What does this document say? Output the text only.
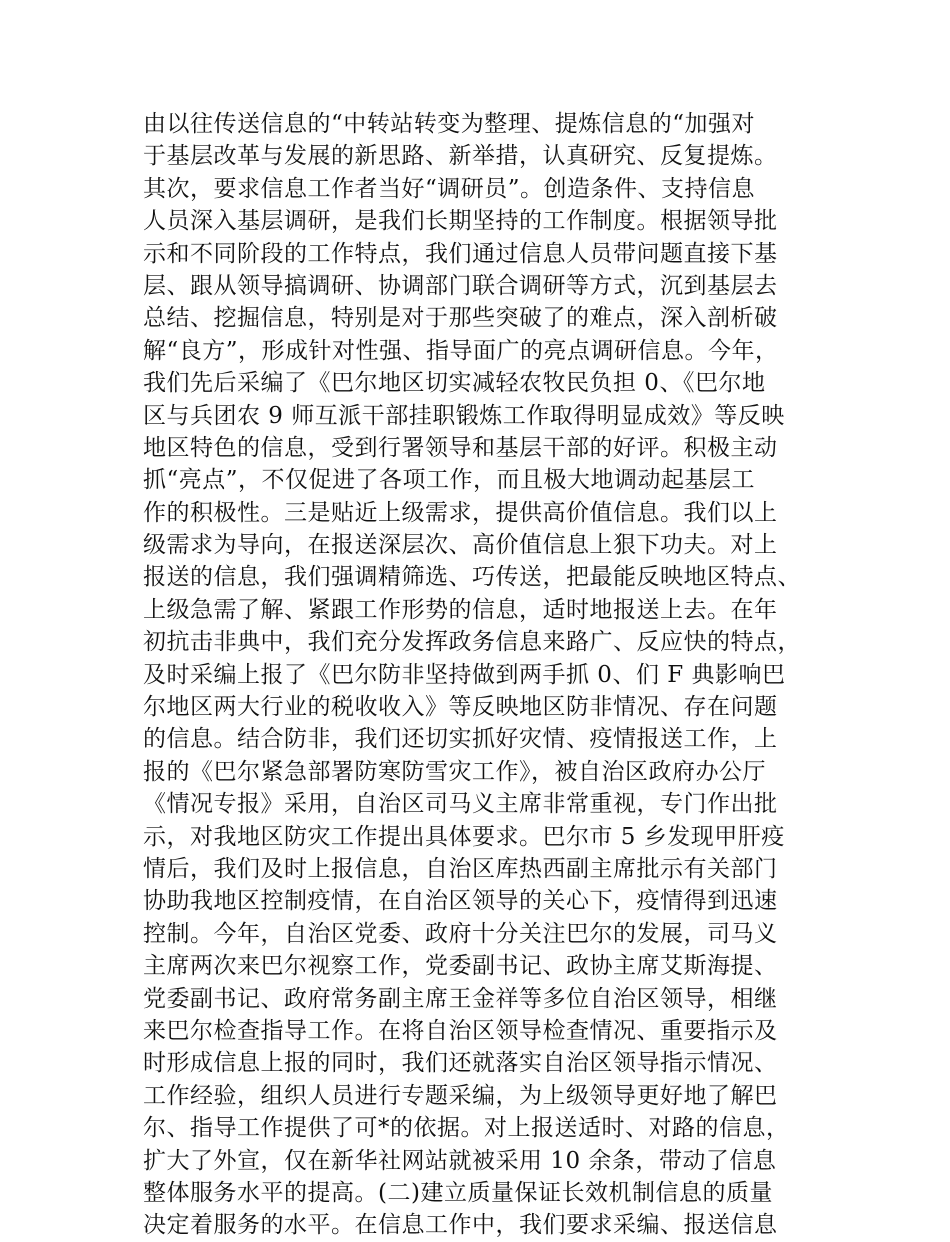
由以往传送信息的“中转站转变为整理、提炼信息的“加强对
于基层改革与发展的新思路、新举措，认真研究、反复提炼。
其次，要求信息工作者当好“调研员”。创造条件、支持信息
人员深入基层调研，是我们长期坚持的工作制度。根据领导批
示和不同阶段的工作特点，我们通过信息人员带问题直接下基
层、跟从领导搞调研、协调部门联合调研等方式，沉到基层去
总结、挖掘信息，特别是对于那些突破了的难点，深入剖析破
解“良方”，形成针对性强、指导面广的亮点调研信息。今年，
我们先后采编了《巴尔地区切实减轻农牧民负担 0、《巴尔地
区与兵团农 9 师互派干部挂职锻炼工作取得明显成效》等反映
地区特色的信息，受到行署领导和基层干部的好评。积极主动
抓“亮点”，不仅促进了各项工作，而且极大地调动起基层工
作的积极性。三是贴近上级需求，提供高价值信息。我们以上
级需求为导向，在报送深层次、高价值信息上狠下功夫。对上
报送的信息，我们强调精筛选、巧传送，把最能反映地区特点、
上级急需了解、紧跟工作形势的信息，适时地报送上去。在年
初抗击非典中，我们充分发挥政务信息来路广、反应快的特点，
及时采编上报了《巴尔防非坚持做到两手抓 0、们 F 典影响巴
尔地区两大行业的税收收入》等反映地区防非情况、存在问题
的信息。结合防非，我们还切实抓好灾情、疫情报送工作，上
报的《巴尔紧急部署防寒防雪灾工作》，被自治区政府办公厅
《情况专报》采用，自治区司马义主席非常重视，专门作出批
示，对我地区防灾工作提出具体要求。巴尔市 5 乡发现甲肝疫
情后，我们及时上报信息，自治区库热西副主席批示有关部门
协助我地区控制疫情，在自治区领导的关心下，疫情得到迅速
控制。今年，自治区党委、政府十分关注巴尔的发展，司马义
主席两次来巴尔视察工作，党委副书记、政协主席艾斯海提、
党委副书记、政府常务副主席王金祥等多位自治区领导，相继
来巴尔检查指导工作。在将自治区领导检查情况、重要指示及
时形成信息上报的同时，我们还就落实自治区领导指示情况、
工作经验，组织人员进行专题采编，为上级领导更好地了解巴
尔、指导工作提供了可*的依据。对上报送适时、对路的信息，
扩大了外宣，仅在新华社网站就被采用 10 余条，带动了信息
整体服务水平的提高。(二)建立质量保证长效机制信息的质量
决定着服务的水平。在信息工作中，我们要求采编、报送信息
